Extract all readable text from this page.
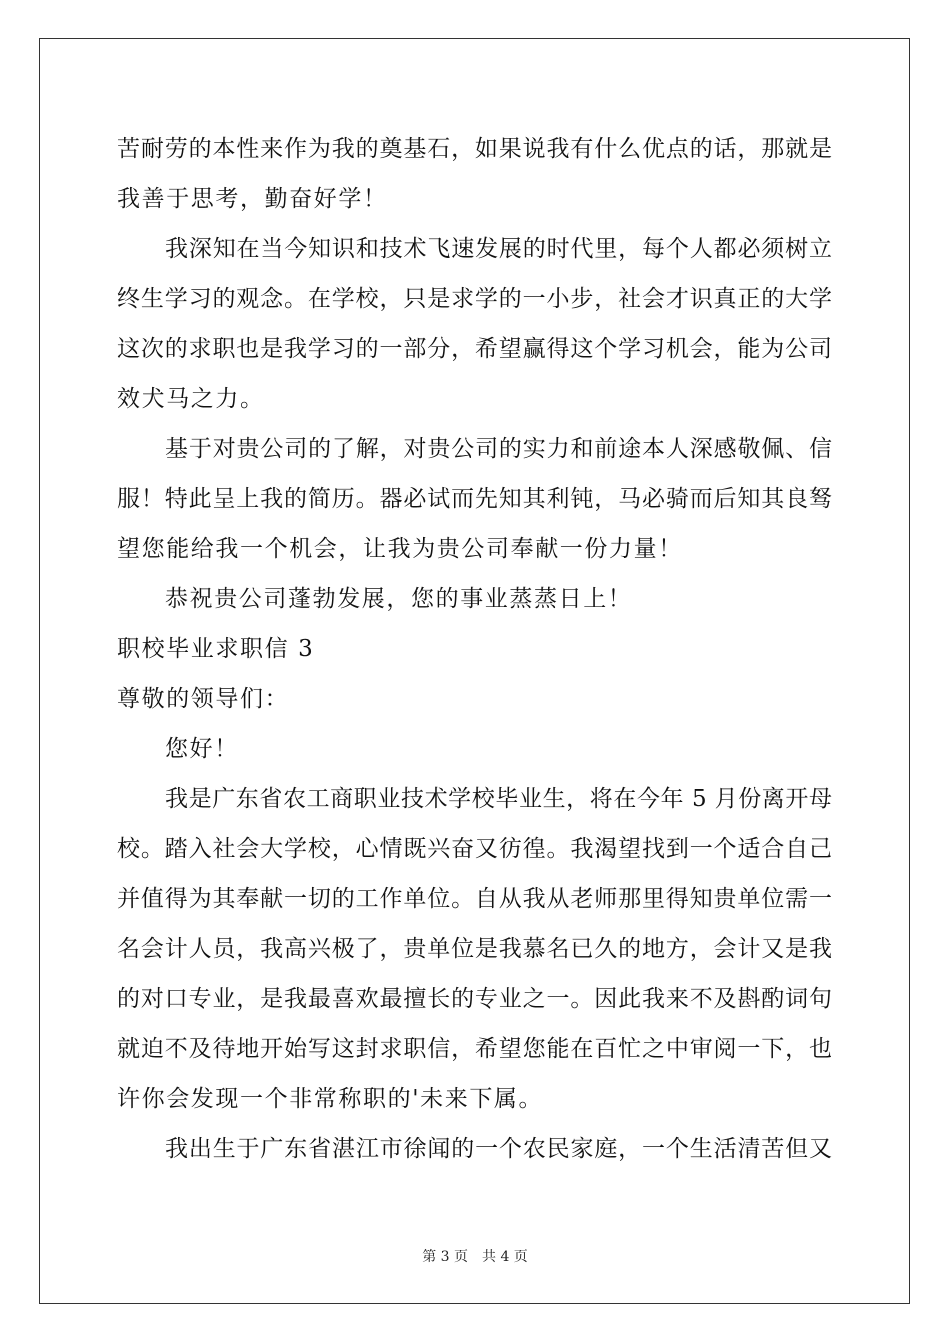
苦耐劳的本性来作为我的奠基石，如果说我有什么优点的话，那就是
我善于思考，勤奋好学！
我深知在当今知识和技术飞速发展的时代里，每个人都必须树立
终生学习的观念。在学校，只是求学的一小步，社会才识真正的大学
这次的求职也是我学习的一部分，希望赢得这个学习机会，能为公司
效犬马之力。
基于对贵公司的了解，对贵公司的实力和前途本人深感敬佩、信
服！特此呈上我的简历。器必试而先知其利钝，马必骑而后知其良驽
望您能给我一个机会，让我为贵公司奉献一份力量！
恭祝贵公司蓬勃发展，您的事业蒸蒸日上！
职校毕业求职信 3
尊敬的领导们：
您好！
我是广东省农工商职业技术学校毕业生，将在今年 5 月份离开母
校。踏入社会大学校，心情既兴奋又彷徨。我渴望找到一个适合自己
并值得为其奉献一切的工作单位。自从我从老师那里得知贵单位需一
名会计人员，我高兴极了，贵单位是我慕名已久的地方，会计又是我
的对口专业，是我最喜欢最擅长的专业之一。因此我来不及斟酌词句
就迫不及待地开始写这封求职信，希望您能在百忙之中审阅一下，也
许你会发现一个非常称职的'未来下属。
我出生于广东省湛江市徐闻的一个农民家庭，一个生活清苦但又
第 3 页　共 4 页
